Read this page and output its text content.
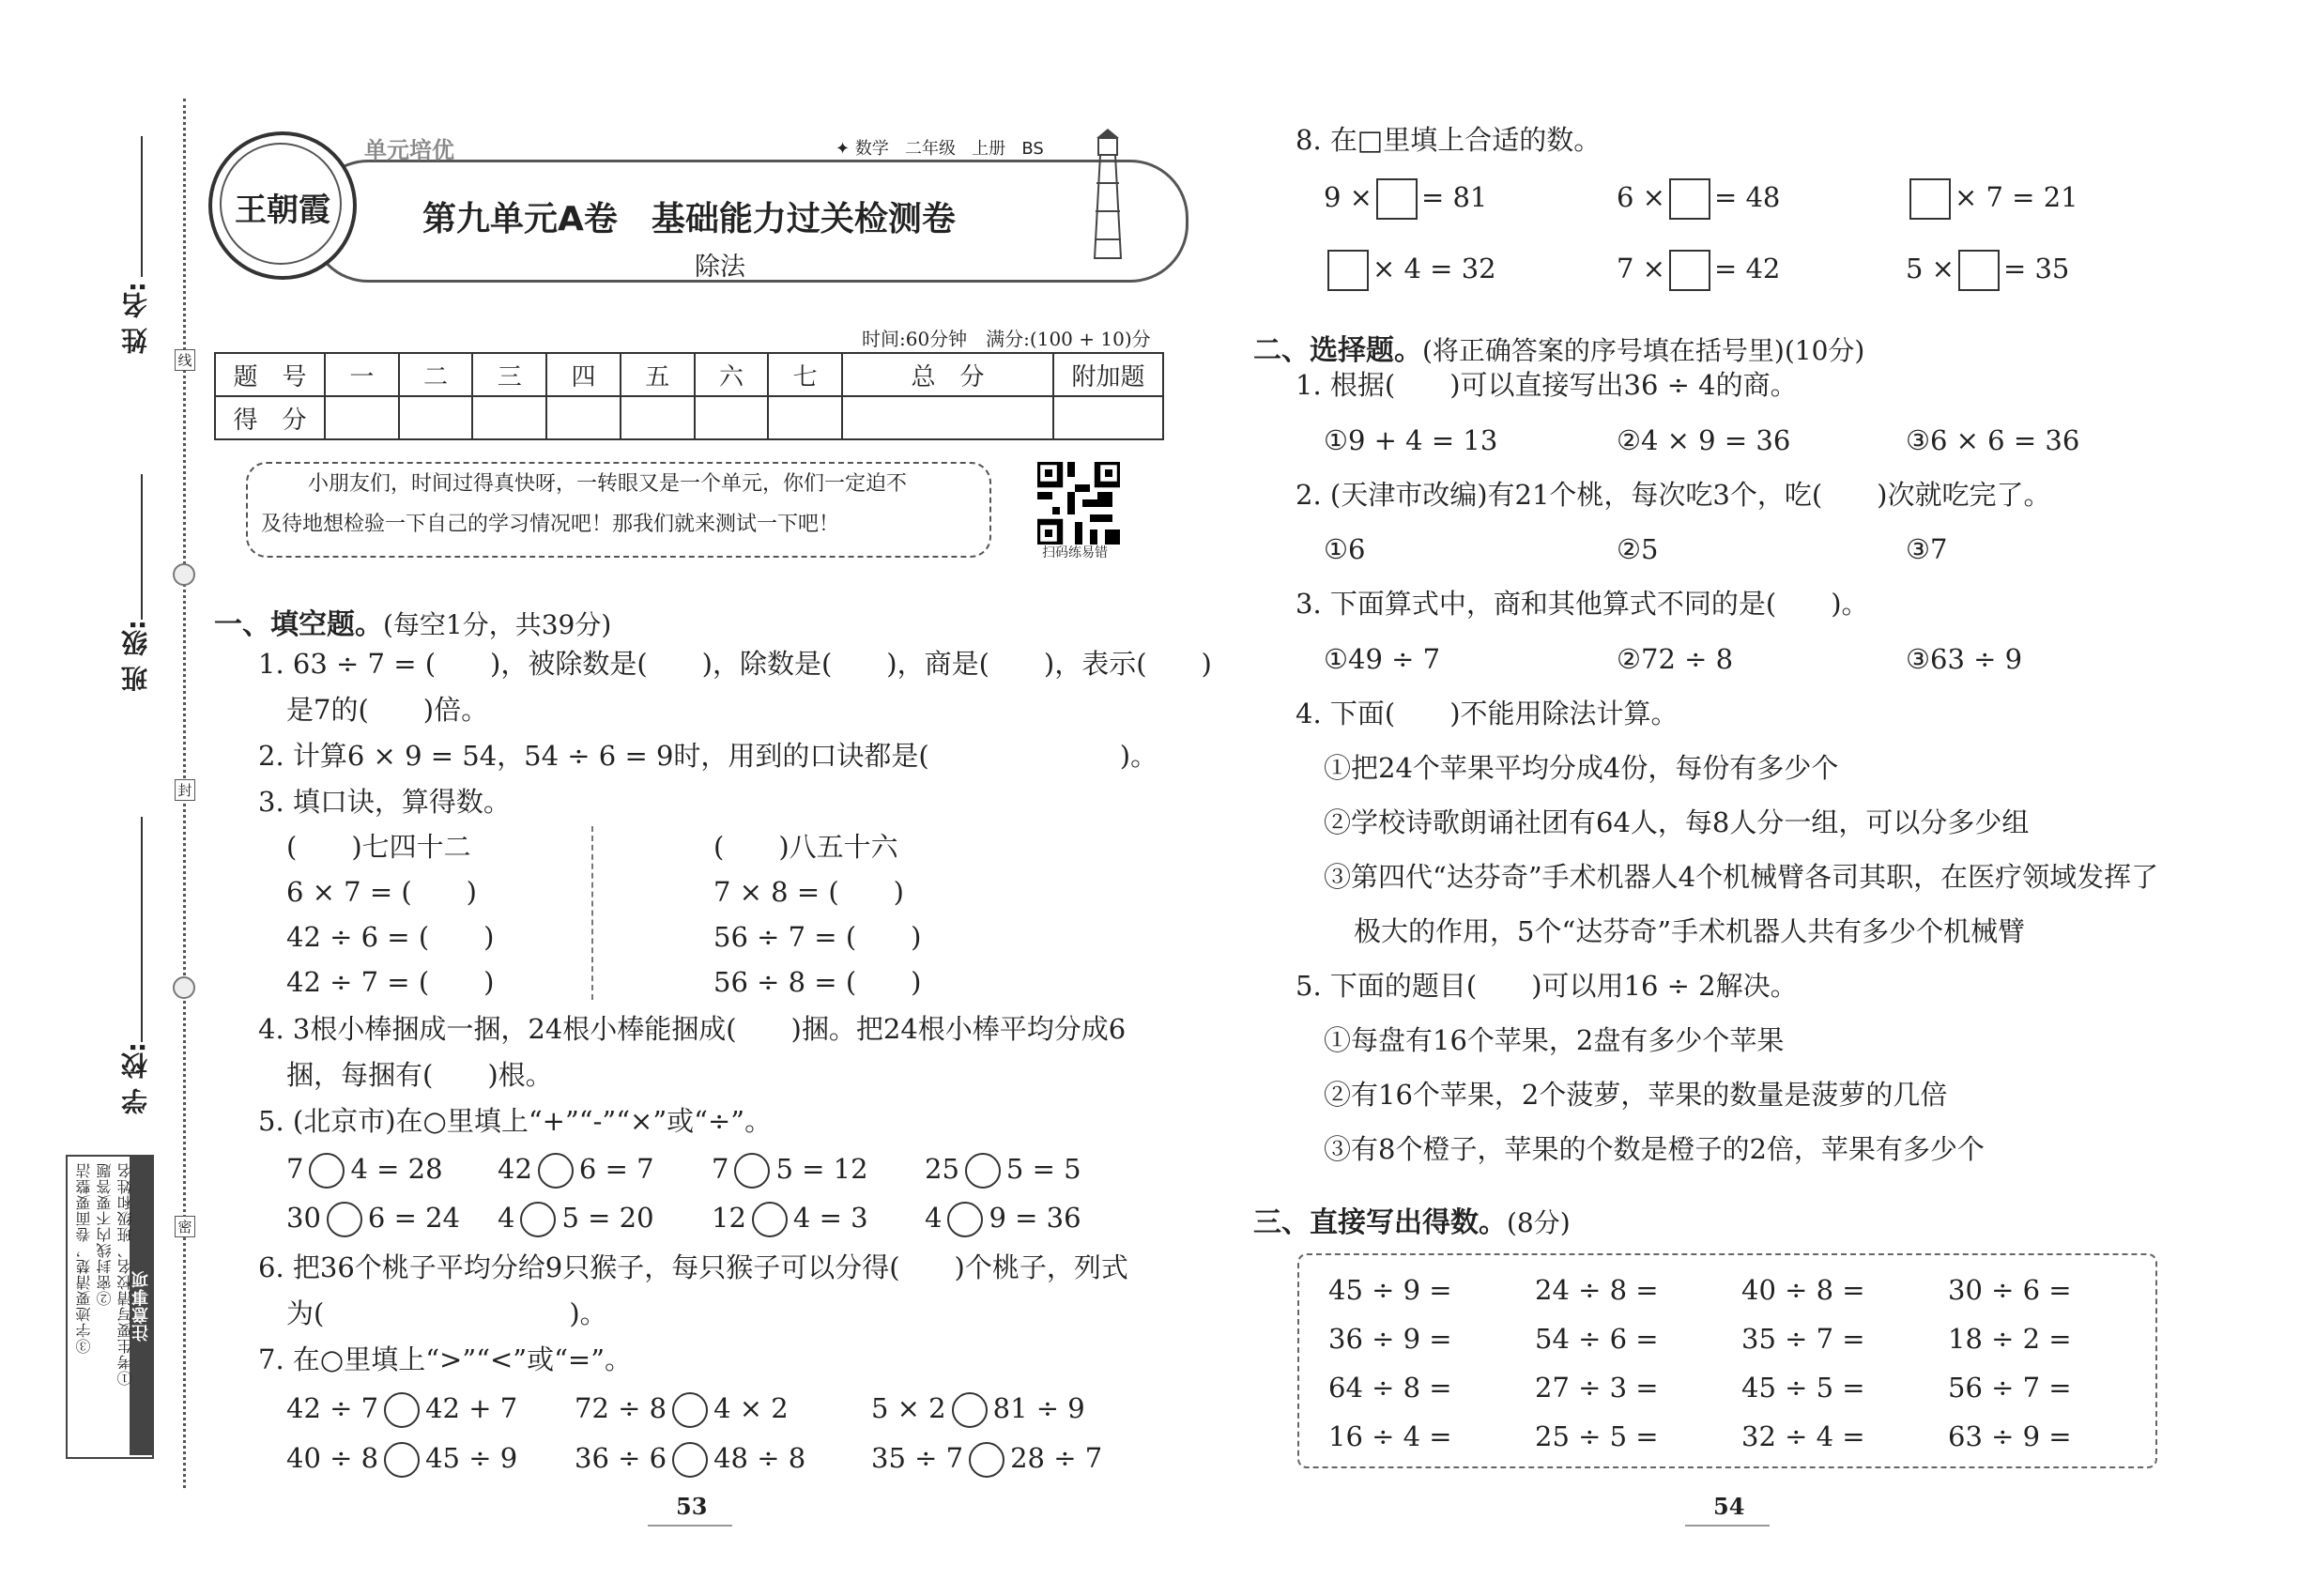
姓 名:
班 级:
学 校:
线
封
密
注意事项
①考生要写清校名、班级和姓名
②密封线内不要答题
③字迹要清楚，卷面要整洁
王朝霞
单元培优	✦ 数学 二年级 上册 BS
第九单元A卷　基础能力过关检测卷
除法
时间:60分钟　满分:(100 + 10)分
题　号	一	二	三	四	五	六	七	总　分	附加题
得　分									
小朋友们，时间过得真快呀，一转眼又是一个单元，你们一定迫不
及待地想检验一下自己的学习情况吧！那我们就来测试一下吧！
扫码练易错
一、填空题。(每空1分，共39分)
1. 63 ÷ 7 = (　　)，被除数是(　　)，除数是(　　)，商是(　　)，表示(　　)
是7的(　　)倍。
2. 计算6 × 9 = 54，54 ÷ 6 = 9时，用到的口诀都是(　　　　　　　)。
3. 填口诀，算得数。
(　　)七四十二
6 × 7 = (　　)
42 ÷ 6 = (　　)
42 ÷ 7 = (　　)
(　　)八五十六
7 × 8 = (　　)
56 ÷ 7 = (　　)
56 ÷ 8 = (　　)
4. 3根小棒捆成一捆，24根小棒能捆成(　　)捆。把24根小棒平均分成6
捆，每捆有(　　)根。
5. (北京市)在○里填上“+”“-”“×”或“÷”。
7 4 = 28 42 6 = 7 7 5 = 12 25 5 = 5
30 6 = 24 4 5 = 20 12 4 = 3 4 9 = 36
6. 把36个桃子平均分给9只猴子，每只猴子可以分得(　　)个桃子，列式
为(　　　　　　　　　)。
7. 在○里填上“>”“<”或“=”。
42 ÷ 7 42 + 7 72 ÷ 8 4 × 2	5 × 2 81 ÷ 9
40 ÷ 8 45 ÷ 9 36 ÷ 6 48 ÷ 8 35 ÷ 7 28 ÷ 7
53
8. 在□里填上合适的数。
9 × = 81	6 × = 48	× 7 = 21
× 4 = 32	7 × = 42	5 × = 35
二、选择题。(将正确答案的序号填在括号里)(10分)
1. 根据(　　)可以直接写出36 ÷ 4的商。
①9 + 4 = 13	②4 × 9 = 36	③6 × 6 = 36
2. (天津市改编)有21个桃，每次吃3个，吃(　　)次就吃完了。
①6	②5	③7
3. 下面算式中，商和其他算式不同的是(　　)。
①49 ÷ 7	②72 ÷ 8	③63 ÷ 9
4. 下面(　　)不能用除法计算。
①把24个苹果平均分成4份，每份有多少个
②学校诗歌朗诵社团有64人，每8人分一组，可以分多少组
③第四代“达芬奇”手术机器人4个机械臂各司其职，在医疗领域发挥了
极大的作用，5个“达芬奇”手术机器人共有多少个机械臂
5. 下面的题目(　　)可以用16 ÷ 2解决。
①每盘有16个苹果，2盘有多少个苹果
②有16个苹果，2个菠萝，苹果的数量是菠萝的几倍
③有8个橙子，苹果的个数是橙子的2倍，苹果有多少个
三、直接写出得数。(8分)
45 ÷ 9 =	24 ÷ 8 =	40 ÷ 8 =	30 ÷ 6 =
36 ÷ 9 =	54 ÷ 6 =	35 ÷ 7 =	18 ÷ 2 =
64 ÷ 8 =	27 ÷ 3 =	45 ÷ 5 =	56 ÷ 7 =
16 ÷ 4 =	25 ÷ 5 =	32 ÷ 4 =	63 ÷ 9 =
54
